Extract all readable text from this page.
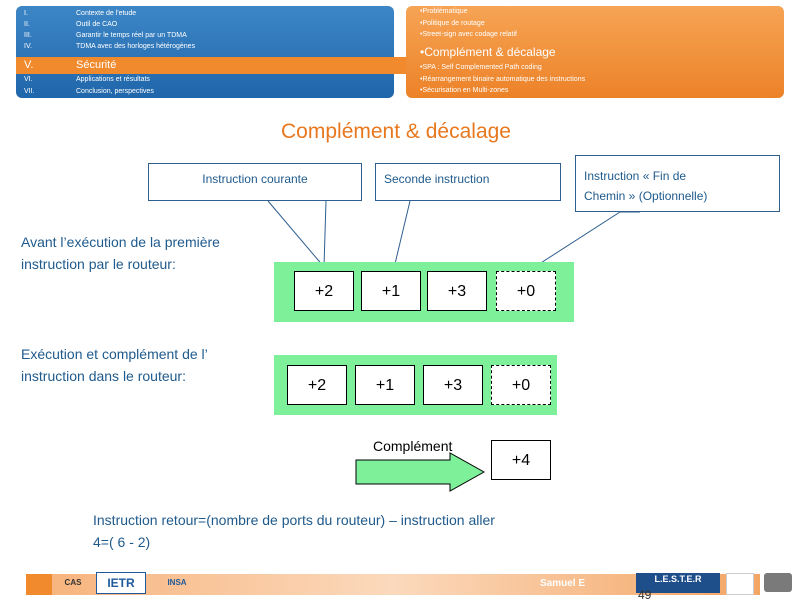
I.	Contexte de l'etude
II.	Outil de CAO
III.	Garantir le temps réel par un TDMA
IV.	TDMA avec des horloges hétérogènes
V.	Sécurité
VI.	Applications et résultats
VII.	Conclusion, perspectives
•Problématique
•Politique de routage
•Street-sign avec codage relatif
•Complément & décalage
•SPA : Self Complemented Path coding
•Réarrangement binaire automatique des instructions
•Sécurisation en Multi-zones
Complément & décalage
Instruction courante	Seconde instruction	Instruction « Fin de
Chemin » (Optionnelle)
Avant l’exécution de la première
instruction par le routeur:
Exécution et complément de l’
instruction dans le routeur:
+2	+1	+3	+0
+2	+1	+3	+0
Complément
+4
Instruction retour=(nombre de ports du routeur) – instruction aller
4=( 6 - 2)
CAS	IETR	INSA	Samuel E	L.E.S.T.E.R
49
